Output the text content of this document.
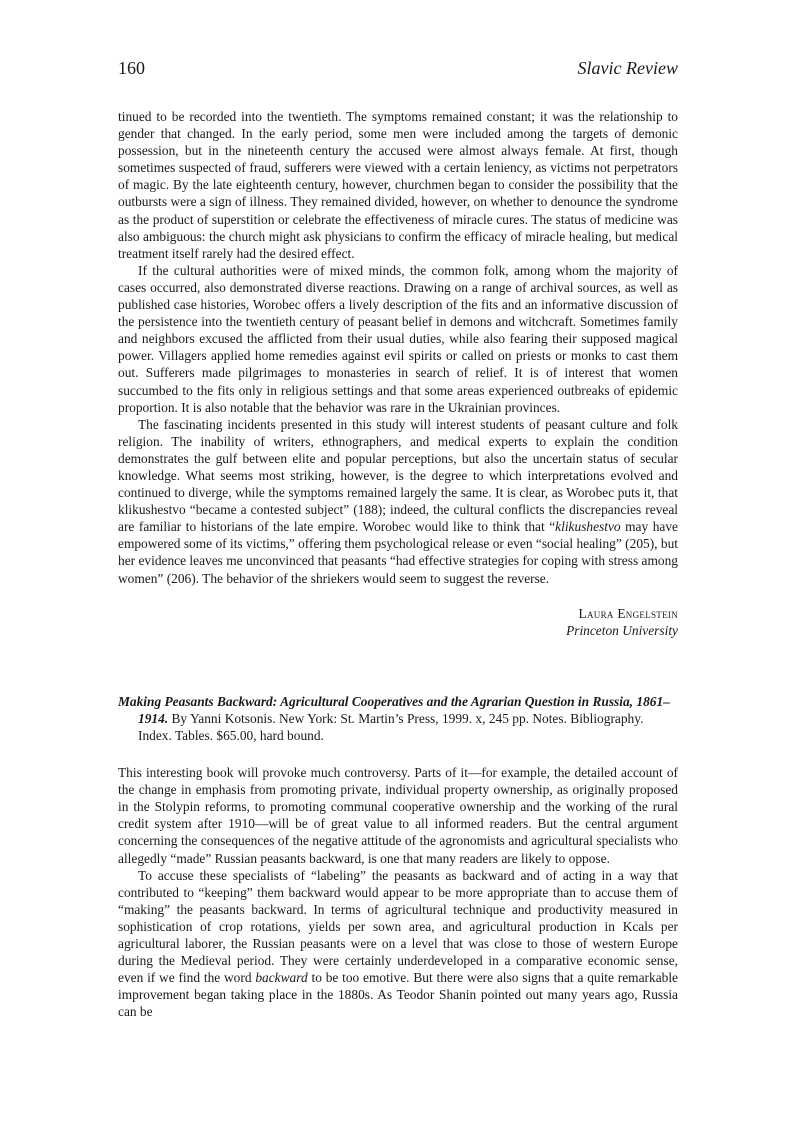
160	Slavic Review

tinued to be recorded into the twentieth. The symptoms remained constant; it was the relationship to gender that changed. In the early period, some men were included among the targets of demonic possession, but in the nineteenth century the accused were almost always female. At first, though sometimes suspected of fraud, sufferers were viewed with a certain leniency, as victims not perpetrators of magic. By the late eighteenth century, however, churchmen began to consider the possibility that the outbursts were a sign of illness. They remained divided, however, on whether to denounce the syndrome as the product of superstition or celebrate the effectiveness of miracle cures. The status of medicine was also ambiguous: the church might ask physicians to confirm the efficacy of miracle healing, but medical treatment itself rarely had the desired effect.

If the cultural authorities were of mixed minds, the common folk, among whom the majority of cases occurred, also demonstrated diverse reactions. Drawing on a range of archival sources, as well as published case histories, Worobec offers a lively description of the fits and an informative discussion of the persistence into the twentieth century of peasant belief in demons and witchcraft. Sometimes family and neighbors excused the afflicted from their usual duties, while also fearing their supposed magical power. Villagers applied home remedies against evil spirits or called on priests or monks to cast them out. Sufferers made pilgrimages to monasteries in search of relief. It is of interest that women succumbed to the fits only in religious settings and that some areas experienced outbreaks of epidemic proportion. It is also notable that the behavior was rare in the Ukrainian provinces.

The fascinating incidents presented in this study will interest students of peasant culture and folk religion. The inability of writers, ethnographers, and medical experts to explain the condition demonstrates the gulf between elite and popular perceptions, but also the uncertain status of secular knowledge. What seems most striking, however, is the degree to which interpretations evolved and continued to diverge, while the symptoms remained largely the same. It is clear, as Worobec puts it, that klikushestvo “became a contested subject” (188); indeed, the cultural conflicts the discrepancies reveal are familiar to historians of the late empire. Worobec would like to think that “klikushestvo may have empowered some of its victims,” offering them psychological release or even “social healing” (205), but her evidence leaves me unconvinced that peasants “had effective strategies for coping with stress among women” (206). The behavior of the shriekers would seem to suggest the reverse.

Laura Engelstein
Princeton University

Making Peasants Backward: Agricultural Cooperatives and the Agrarian Question in Russia, 1861–1914. By Yanni Kotsonis. New York: St. Martin’s Press, 1999. x, 245 pp. Notes. Bibliography. Index. Tables. $65.00, hard bound.

This interesting book will provoke much controversy. Parts of it—for example, the detailed account of the change in emphasis from promoting private, individual property ownership, as originally proposed in the Stolypin reforms, to promoting communal cooperative ownership and the working of the rural credit system after 1910—will be of great value to all informed readers. But the central argument concerning the consequences of the negative attitude of the agronomists and agricultural specialists who allegedly “made” Russian peasants backward, is one that many readers are likely to oppose.

To accuse these specialists of “labeling” the peasants as backward and of acting in a way that contributed to “keeping” them backward would appear to be more appropriate than to accuse them of “making” the peasants backward. In terms of agricultural technique and productivity measured in sophistication of crop rotations, yields per sown area, and agricultural production in Kcals per agricultural laborer, the Russian peasants were on a level that was close to those of western Europe during the Medieval period. They were certainly underdeveloped in a comparative economic sense, even if we find the word backward to be too emotive. But there were also signs that a quite remarkable improvement began taking place in the 1880s. As Teodor Shanin pointed out many years ago, Russia can be
